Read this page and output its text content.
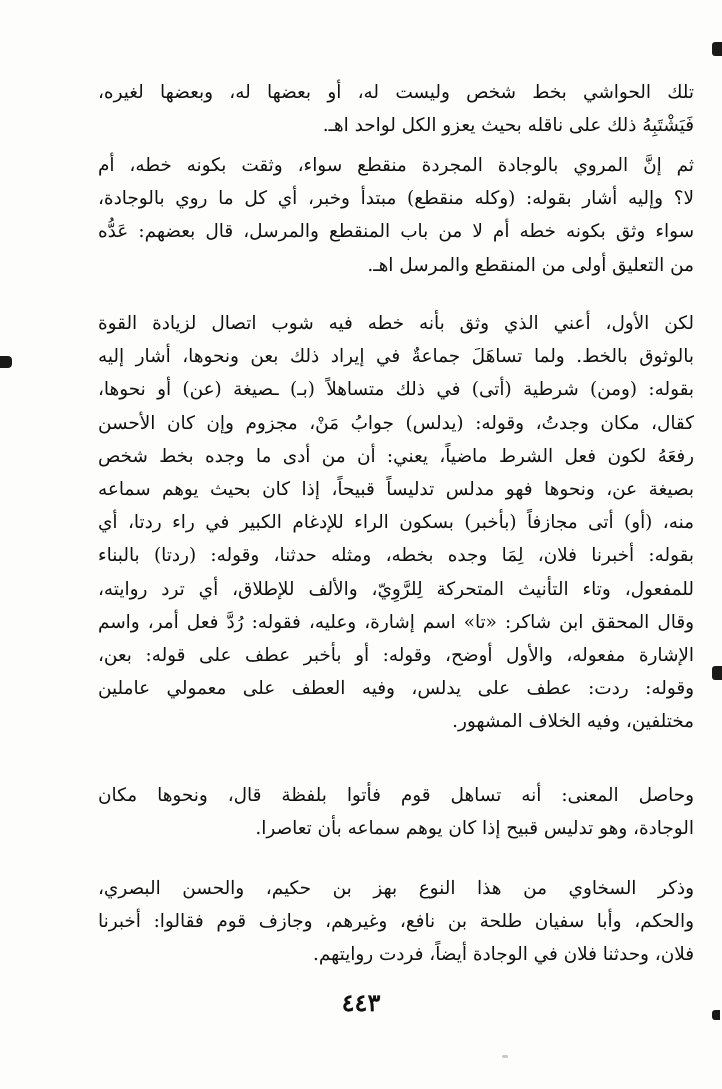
تلك الحواشي بخط شخص وليست له، أو بعضها له، وبعضها لغيره،
فَيَشْتَبِهُ ذلك على ناقله بحيث يعزو الكل لواحد اهـ.
ثم إنَّ المروي بالوجادة المجردة منقطع سواء، وثقت بكونه خطه، أم
لا؟ وإليه أشار بقوله: (وكله منقطع) مبتدأ وخبر، أي كل ما روي بالوجادة،
سواء وثق بكونه خطه أم لا من باب المنقطع والمرسل، قال بعضهم: عَدُّه
من التعليق أولى من المنقطع والمرسل اهـ.
لكن الأول، أعني الذي وثق بأنه خطه فيه شوب اتصال لزيادة القوة
بالوثوق بالخط. ولما تساهَلَ جماعةٌ في إيراد ذلك بعن ونحوها، أشار إليه
بقوله: (ومن) شرطية (أتى) في ذلك متساهلاً (بـ) ـصيغة (عن) أو نحوها،
كقال، مكان وجدتُ، وقوله: (يدلس) جوابُ مَنْ، مجزوم وإن كان الأحسن
رفعَهُ لكون فعل الشرط ماضياً، يعني: أن من أدى ما وجده بخط شخص
بصيغة عن، ونحوها فهو مدلس تدليساً قبيحاً، إذا كان بحيث يوهم سماعه
منه، (أو) أتى مجازفاً (بأخبر) بسكون الراء للإدغام الكبير في راء ردتا، أي
بقوله: أخبرنا فلان، لِمَا وجده بخطه، ومثله حدثنا، وقوله: (ردتا) بالبناء
للمفعول، وتاء التأنيث المتحركة لِلرَّوِيّ، والألف للإطلاق، أي ترد روايته،
وقال المحقق ابن شاكر: «تا» اسم إشارة، وعليه، فقوله: رُدَّ فعل أمر، واسم
الإشارة مفعوله، والأول أوضح، وقوله: أو بأخبر عطف على قوله: بعن،
وقوله: ردت: عطف على يدلس، وفيه العطف على معمولي عاملين
مختلفين، وفيه الخلاف المشهور.
وحاصل المعنى: أنه تساهل قوم فأتوا بلفظة قال، ونحوها مكان
الوجادة، وهو تدليس قبيح إذا كان يوهم سماعه بأن تعاصرا.
وذكر السخاوي من هذا النوع بهز بن حكيم، والحسن البصري،
والحكم، وأبا سفيان طلحة بن نافع، وغيرهم، وجازف قوم فقالوا: أخبرنا
فلان، وحدثنا فلان في الوجادة أيضاً، فردت روايتهم.
٤٤٣
